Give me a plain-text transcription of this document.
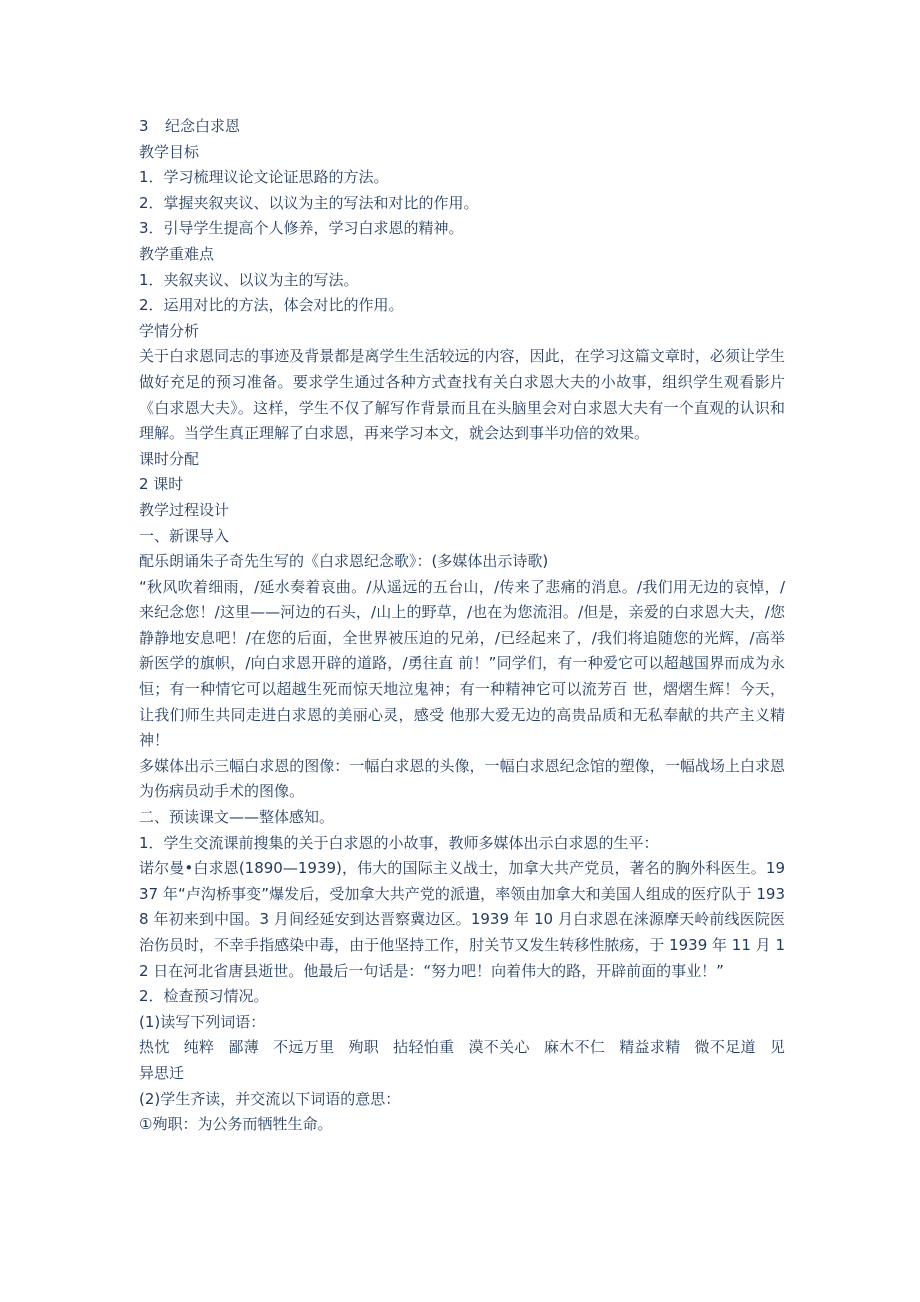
3 纪念白求恩

教学目标

1．学习梳理议论文论证思路的方法。

2．掌握夹叙夹议、以议为主的写法和对比的作用。

3．引导学生提高个人修养，学习白求恩的精神。

教学重难点

1．夹叙夹议、以议为主的写法。

2．运用对比的方法，体会对比的作用。

学情分析

关于白求恩同志的事迹及背景都是离学生生活较远的内容，因此，在学习这篇文章时，必须让学生做好充足的预习准备。要求学生通过各种方式查找有关白求恩大夫的小故事，组织学生观看影片《白求恩大夫》。这样，学生不仅了解写作背景而且在头脑里会对白求恩大夫有一个直观的认识和理解。当学生真正理解了白求恩，再来学习本文，就会达到事半功倍的效果。

课时分配

2 课时

教学过程设计

一、新课导入

配乐朗诵朱子奇先生写的《白求恩纪念歌》：(多媒体出示诗歌)

“秋风吹着细雨，/延水奏着哀曲。/从遥远的五台山，/传来了悲痛的消息。/我们用无边的哀悼，/来纪念您！/这里——河边的石头，/山上的野草，/也在为您流泪。/但是，亲爱的白求恩大夫，/您静静地安息吧！/在您的后面，全世界被压迫的兄弟，/已经起来了，/我们将追随您的光辉，/高举新医学的旗帜，/向白求恩开辟的道路，/勇往直 前！”同学们，有一种爱它可以超越国界而成为永恒；有一种情它可以超越生死而惊天地泣鬼神；有一种精神它可以流芳百 世，熠熠生辉！今天，让我们师生共同走进白求恩的美丽心灵，感受 他那大爱无边的高贵品质和无私奉献的共产主义精神！

多媒体出示三幅白求恩的图像：一幅白求恩的头像，一幅白求恩纪念馆的塑像，一幅战场上白求恩为伤病员动手术的图像。

二、预读课文——整体感知。

1．学生交流课前搜集的关于白求恩的小故事，教师多媒体出示白求恩的生平：

诺尔曼•白求恩(1890—1939)，伟大的国际主义战士，加拿大共产党员，著名的胸外科医生。1937 年“卢沟桥事变”爆发后，受加拿大共产党的派遣，率领由加拿大和美国人组成的医疗队于 1938 年初来到中国。3 月间经延安到达晋察冀边区。1939 年 10 月白求恩在涞源摩天岭前线医院医治伤员时，不幸手指感染中毒，由于他坚持工作，肘关节又发生转移性脓疡，于 1939 年 11 月 12 日在河北省唐县逝世。他最后一句话是：“努力吧！向着伟大的路，开辟前面的事业！”

2．检查预习情况。

(1)读写下列词语：

热忱 纯粹 鄙薄 不远万里 殉职 拈轻怕重 漠不关心 麻木不仁 精益求精 微不足道 见异思迁

(2)学生齐读，并交流以下词语的意思：

①殉职：为公务而牺牲生命。
